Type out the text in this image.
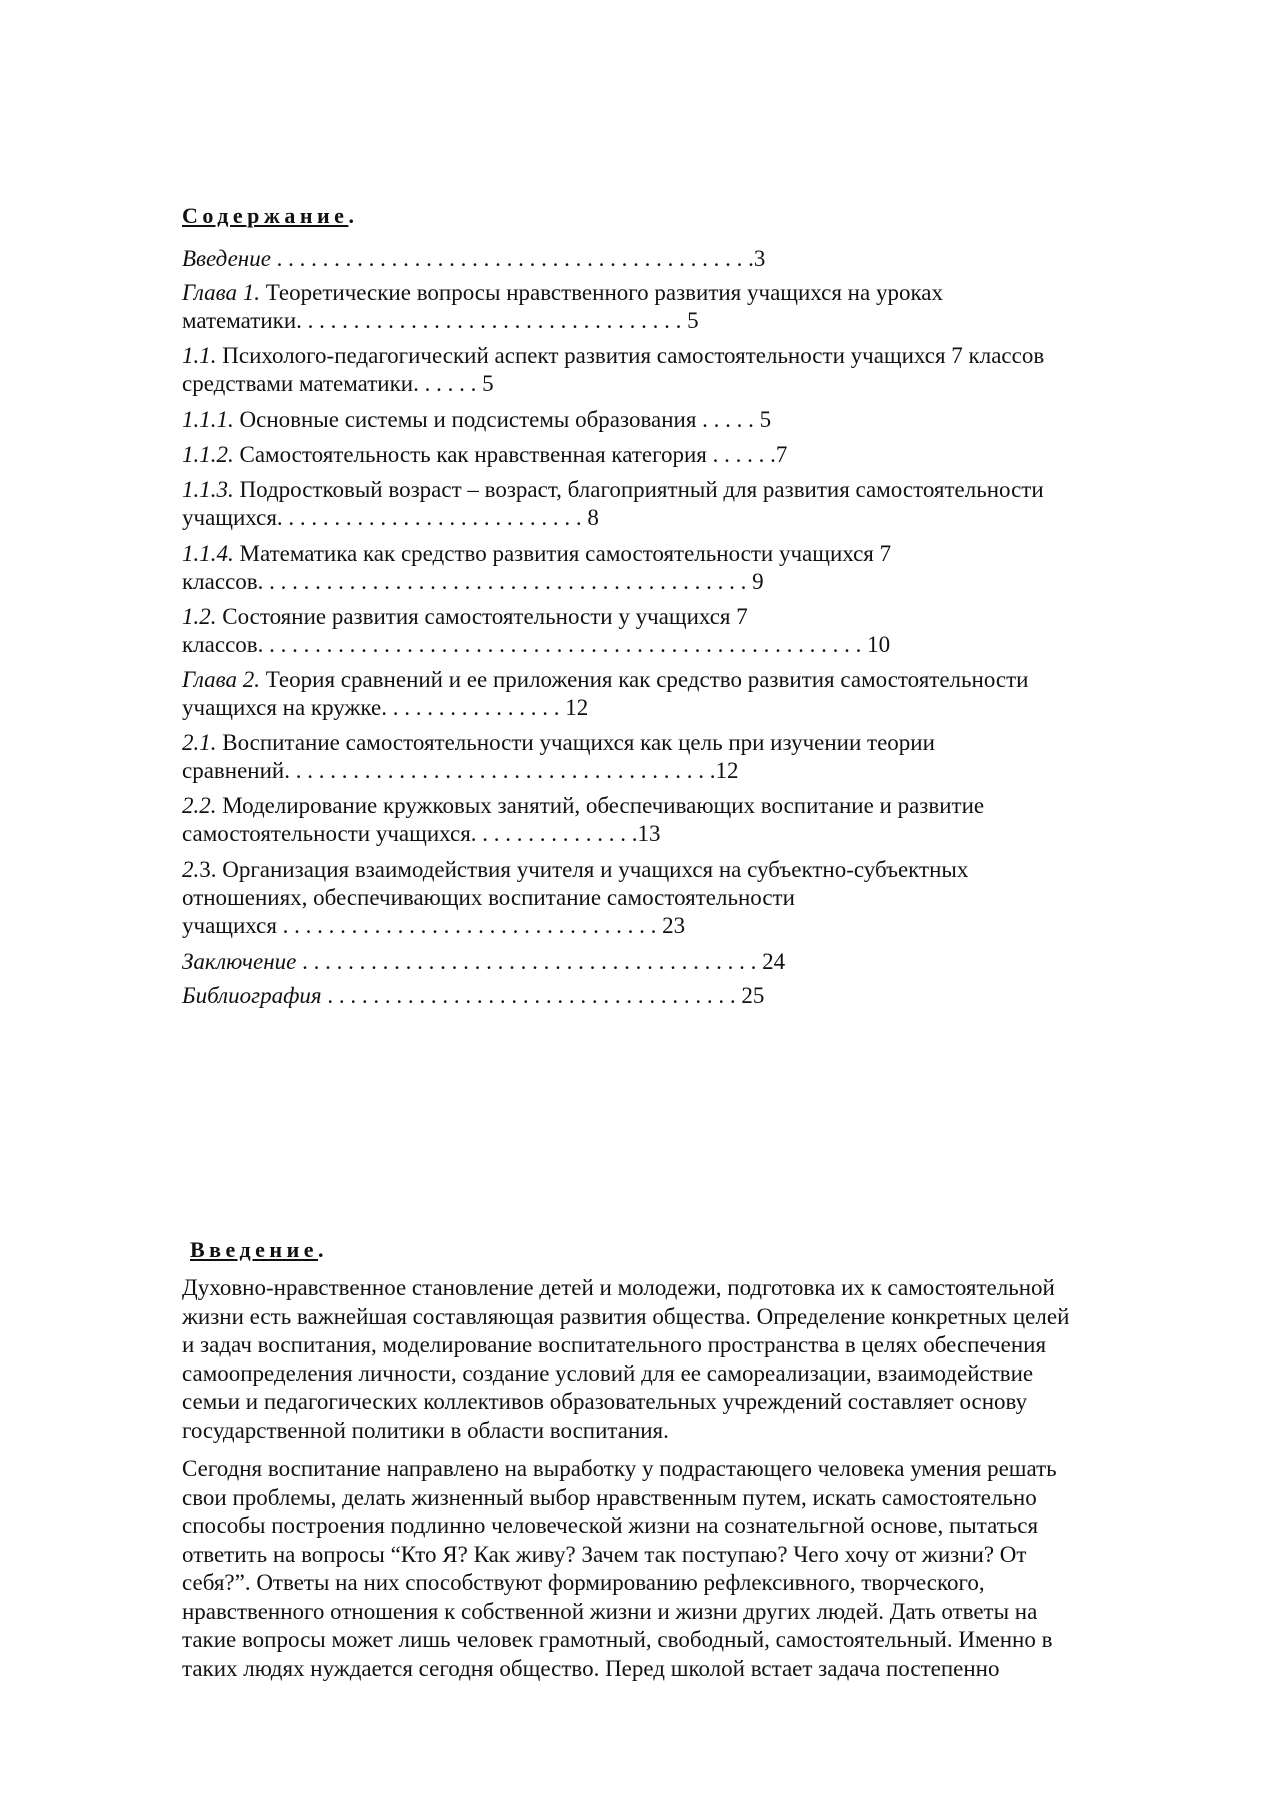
Содержание.
Введение . . . . . . . . . . . . . . . . . . . . . . . . . . . . . . . . . . . . . . . . . .3
Глава 1. Теоретические вопросы нравственного развития учащихся на уроках
математики. . . . . . . . . . . . . . . . . . . . . . . . . . . . . . . . . . 5
1.1. Психолого-педагогический аспект развития самостоятельности учащихся 7 классов
средствами математики. . . . . . 5
1.1.1. Основные системы и подсистемы образования . . . . . 5
1.1.2. Самостоятельность как нравственная категория . . . . . .7
1.1.3. Подростковый возраст – возраст, благоприятный для развития самостоятельности
учащихся. . . . . . . . . . . . . . . . . . . . . . . . . . . 8
1.1.4. Математика как средство развития самостоятельности учащихся 7
классов. . . . . . . . . . . . . . . . . . . . . . . . . . . . . . . . . . . . . . . . . . . 9
1.2. Состояние развития самостоятельности у учащихся 7
классов. . . . . . . . . . . . . . . . . . . . . . . . . . . . . . . . . . . . . . . . . . . . . . . . . . . . . 10
Глава 2. Теория сравнений и ее приложения как средство развития самостоятельности
учащихся на кружке. . . . . . . . . . . . . . . . 12
2.1. Воспитание самостоятельности учащихся как цель при изучении теории
сравнений. . . . . . . . . . . . . . . . . . . . . . . . . . . . . . . . . . . . . .12
2.2. Моделирование кружковых занятий, обеспечивающих воспитание и развитие
самостоятельности учащихся. . . . . . . . . . . . . . .13
2.3. Организация взаимодействия учителя и учащихся на субъектно-субъектных
отношениях, обеспечивающих воспитание самостоятельности
учащихся . . . . . . . . . . . . . . . . . . . . . . . . . . . . . . . . . 23
Заключение . . . . . . . . . . . . . . . . . . . . . . . . . . . . . . . . . . . . . . . . 24
Библиография . . . . . . . . . . . . . . . . . . . . . . . . . . . . . . . . . . . . 25
Введение.
Духовно-нравственное становление детей и молодежи, подготовка их к самостоятельной
жизни есть важнейшая составляющая развития общества. Определение конкретных целей
и задач воспитания, моделирование воспитательного пространства в целях обеспечения
самоопределения личности, создание условий для ее самореализации, взаимодействие
семьи и педагогических коллективов образовательных учреждений составляет основу
государственной политики в области воспитания.
Сегодня воспитание направлено на выработку у подрастающего человека умения решать
свои проблемы, делать жизненный выбор нравственным путем, искать самостоятельно
способы построения подлинно человеческой жизни на сознательгной основе, пытаться
ответить на вопросы “Кто Я? Как живу? Зачем так поступаю? Чего хочу от жизни? От
себя?”. Ответы на них способствуют формированию рефлексивного, творческого,
нравственного отношения к собственной жизни и жизни других людей. Дать ответы на
такие вопросы может лишь человек грамотный, свободный, самостоятельный. Именно в
таких людях нуждается сегодня общество. Перед школой встает задача постепенно
